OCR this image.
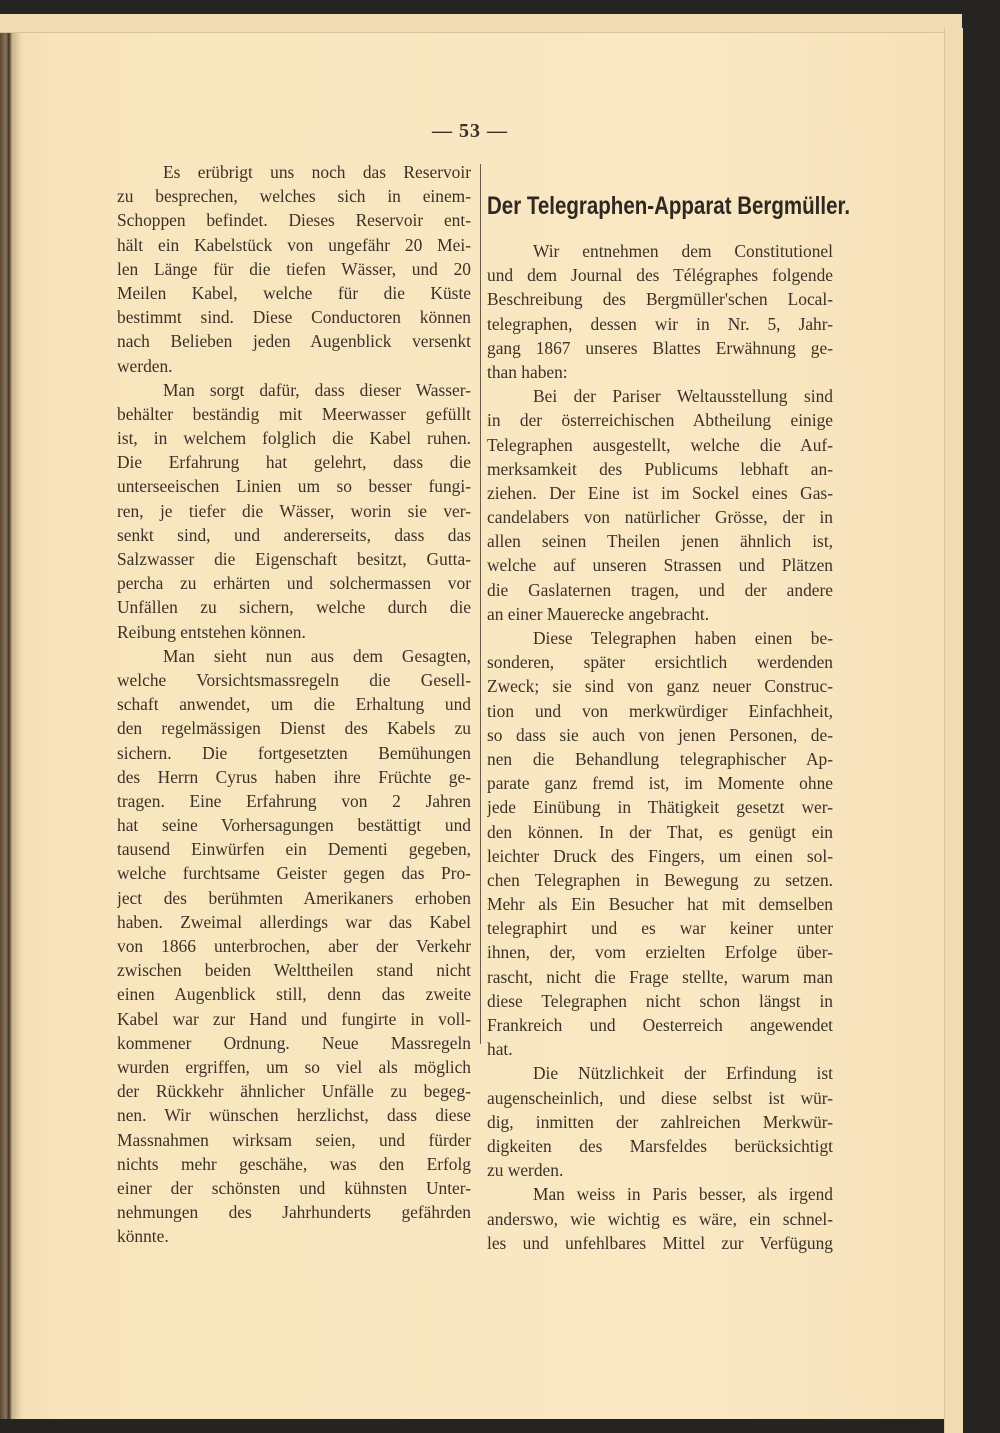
— 53 —
Es erübrigt uns noch das Reservoir
zu besprechen, welches sich in einem-
Schoppen befindet. Dieses Reservoir ent-
hält ein Kabelstück von ungefähr 20 Mei-
len Länge für die tiefen Wässer, und 20
Meilen Kabel, welche für die Küste
bestimmt sind. Diese Conductoren können
nach Belieben jeden Augenblick versenkt
werden.
Man sorgt dafür, dass dieser Wasser-
behälter beständig mit Meerwasser gefüllt
ist, in welchem folglich die Kabel ruhen.
Die Erfahrung hat gelehrt, dass die
unterseeischen Linien um so besser fungi-
ren, je tiefer die Wässer, worin sie ver-
senkt sind, und andererseits, dass das
Salzwasser die Eigenschaft besitzt, Gutta-
percha zu erhärten und solchermassen vor
Unfällen zu sichern, welche durch die
Reibung entstehen können.
Man sieht nun aus dem Gesagten,
welche Vorsichtsmassregeln die Gesell-
schaft anwendet, um die Erhaltung und
den regelmässigen Dienst des Kabels zu
sichern. Die fortgesetzten Bemühungen
des Herrn Cyrus haben ihre Früchte ge-
tragen. Eine Erfahrung von 2 Jahren
hat seine Vorhersagungen bestättigt und
tausend Einwürfen ein Dementi gegeben,
welche furchtsame Geister gegen das Pro-
ject des berühmten Amerikaners erhoben
haben. Zweimal allerdings war das Kabel
von 1866 unterbrochen, aber der Verkehr
zwischen beiden Welttheilen stand nicht
einen Augenblick still, denn das zweite
Kabel war zur Hand und fungirte in voll-
kommener Ordnung. Neue Massregeln
wurden ergriffen, um so viel als möglich
der Rückkehr ähnlicher Unfälle zu begeg-
nen. Wir wünschen herzlichst, dass diese
Massnahmen wirksam seien, und fürder
nichts mehr geschähe, was den Erfolg
einer der schönsten und kühnsten Unter-
nehmungen des Jahrhunderts gefährden
könnte.
Der Telegraphen-Apparat Bergmüller.
Wir entnehmen dem Constitutionel
und dem Journal des Télégraphes folgende
Beschreibung des Bergmüller'schen Local-
telegraphen, dessen wir in Nr. 5, Jahr-
gang 1867 unseres Blattes Erwähnung ge-
than haben:
Bei der Pariser Weltausstellung sind
in der österreichischen Abtheilung einige
Telegraphen ausgestellt, welche die Auf-
merksamkeit des Publicums lebhaft an-
ziehen. Der Eine ist im Sockel eines Gas-
candelabers von natürlicher Grösse, der in
allen seinen Theilen jenen ähnlich ist,
welche auf unseren Strassen und Plätzen
die Gaslaternen tragen, und der andere
an einer Mauerecke angebracht.
Diese Telegraphen haben einen be-
sonderen, später ersichtlich werdenden
Zweck; sie sind von ganz neuer Construc-
tion und von merkwürdiger Einfachheit,
so dass sie auch von jenen Personen, de-
nen die Behandlung telegraphischer Ap-
parate ganz fremd ist, im Momente ohne
jede Einübung in Thätigkeit gesetzt wer-
den können. In der That, es genügt ein
leichter Druck des Fingers, um einen sol-
chen Telegraphen in Bewegung zu setzen.
Mehr als Ein Besucher hat mit demselben
telegraphirt und es war keiner unter
ihnen, der, vom erzielten Erfolge über-
rascht, nicht die Frage stellte, warum man
diese Telegraphen nicht schon längst in
Frankreich und Oesterreich angewendet
hat.
Die Nützlichkeit der Erfindung ist
augenscheinlich, und diese selbst ist wür-
dig, inmitten der zahlreichen Merkwür-
digkeiten des Marsfeldes berücksichtigt
zu werden.
Man weiss in Paris besser, als irgend
anderswo, wie wichtig es wäre, ein schnel-
les und unfehlbares Mittel zur Verfügung
